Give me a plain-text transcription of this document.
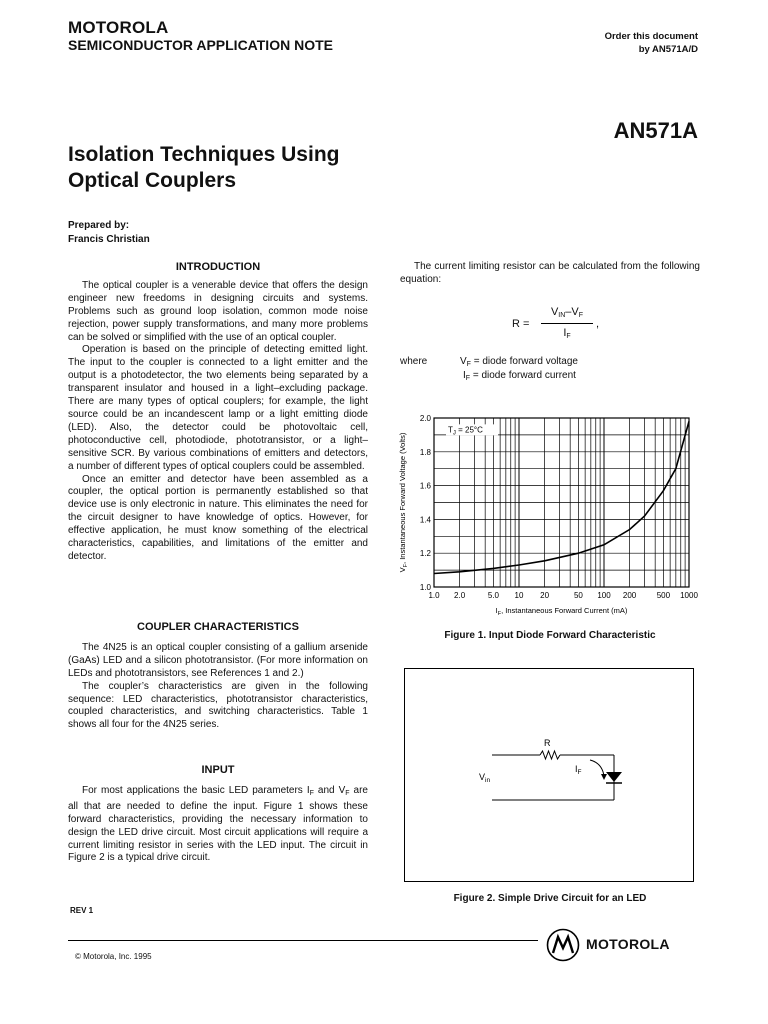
MOTOROLA
SEMICONDUCTOR APPLICATION NOTE
Order this document
by AN571A/D
AN571A
Isolation Techniques Using
Optical Couplers
Prepared by:
Francis Christian
INTRODUCTION

The optical coupler is a venerable device that offers the design engineer new freedoms in designing circuits and systems. Problems such as ground loop isolation, common mode noise rejection, power supply transformations, and many more problems can be solved or simplified with the use of an optical coupler.

Operation is based on the principle of detecting emitted light. The input to the coupler is connected to a light emitter and the output is a photodetector, the two elements being separated by a transparent insulator and housed in a light–excluding package. There are many types of optical couplers; for example, the light source could be an incandescent lamp or a light emitting diode (LED). Also, the detector could be photovoltaic cell, photoconductive cell, photodiode, phototransistor, or a light–sensitive SCR. By various combinations of emitters and detectors, a number of different types of optical couplers could be assembled.

Once an emitter and detector have been assembled as a coupler, the optical portion is permanently established so that device use is only electronic in nature. This eliminates the need for the circuit designer to have knowledge of optics. However, for effective application, he must know something of the electrical characteristics, capabilities, and limitations of the emitter and detector.

COUPLER CHARACTERISTICS

The 4N25 is an optical coupler consisting of a gallium arsenide (GaAs) LED and a silicon phototransistor. (For more information on LEDs and phototransistors, see References 1 and 2.)

The coupler’s characteristics are given in the following sequence: LED characteristics, phototransistor characteristics, coupled characteristics, and switching characteristics. Table 1 shows all four for the 4N25 series.

INPUT

For most applications the basic LED parameters $I_F$ and $V_F$ are all that are needed to define the input. Figure 1 shows these forward characteristics, providing the necessary information to design the LED drive circuit. Most circuit applications will require a current limiting resistor in series with the LED input. The circuit in Figure 2 is a typical drive circuit.

The current limiting resistor can be calculated from the following equation:

R =
$V_{IN}-V_F$
$I_F$
,
where	$V_F$ = diode forward voltage
$I_F$ = diode forward current
1.0 2.0	5.0 10 20	50 100 200	500 1000
1.0
1.2
1.4
1.6
1.8
2.0
$T_J = 25^\circ C$
$I_F$, Instantaneous Forward Current (mA)
$V_F$, Instantaneous Forward Voltage (Volts)
Figure 1. Input Diode Forward Characteristic
R
$I_F$
$V_{in}$
Figure 2. Simple Drive Circuit for an LED
REV 1
© Motorola, Inc. 1995
MOTOROLA
